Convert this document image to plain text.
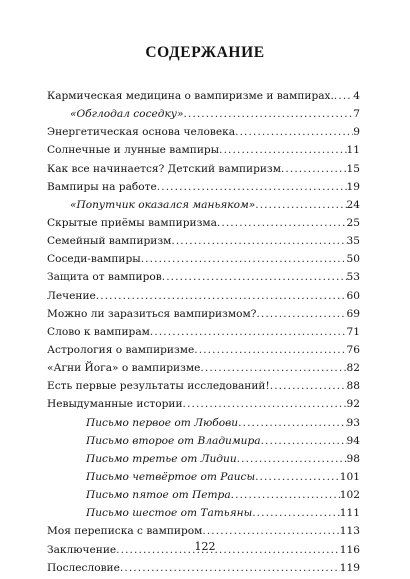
СОДЕРЖАНИЕ
Кармическая медицина о вампиризме и вампирах. ..... 4
«Обглодал соседку» .....	7
Энергетическая основа человека .....	9
Солнечные и лунные вампиры .....	11
Как все начинается? Детский вампиризм .....	15
Вампиры на работе .....	19
«Попутчик оказался маньяком» .....	24
Скрытые приёмы вампиризма .....	25
Семейный вампиризм .....	35
Соседи-вампиры .....	50
Защита от вампиров .....	53
Лечение .....	60
Можно ли заразиться вампиризмом? .....	69
Слово к вампирам .....	71
Астрология о вампиризме .....	76
«Агни Йога» о вампиризме .....	82
Есть первые результаты исследований! .....	88
Невыдуманные истории .....	92
Письмо первое от Любови .....	93
Письмо второе от Владимира .....	94
Письмо третье от Лидии .....	98
Письмо четвёртое от Раисы .....	101
Письмо пятое от Петра .....	102
Письмо шестое от Татьяны .....	111
Моя переписка с вампиром .....	113
Заключение .....	116
Послесловие .....	119
122
